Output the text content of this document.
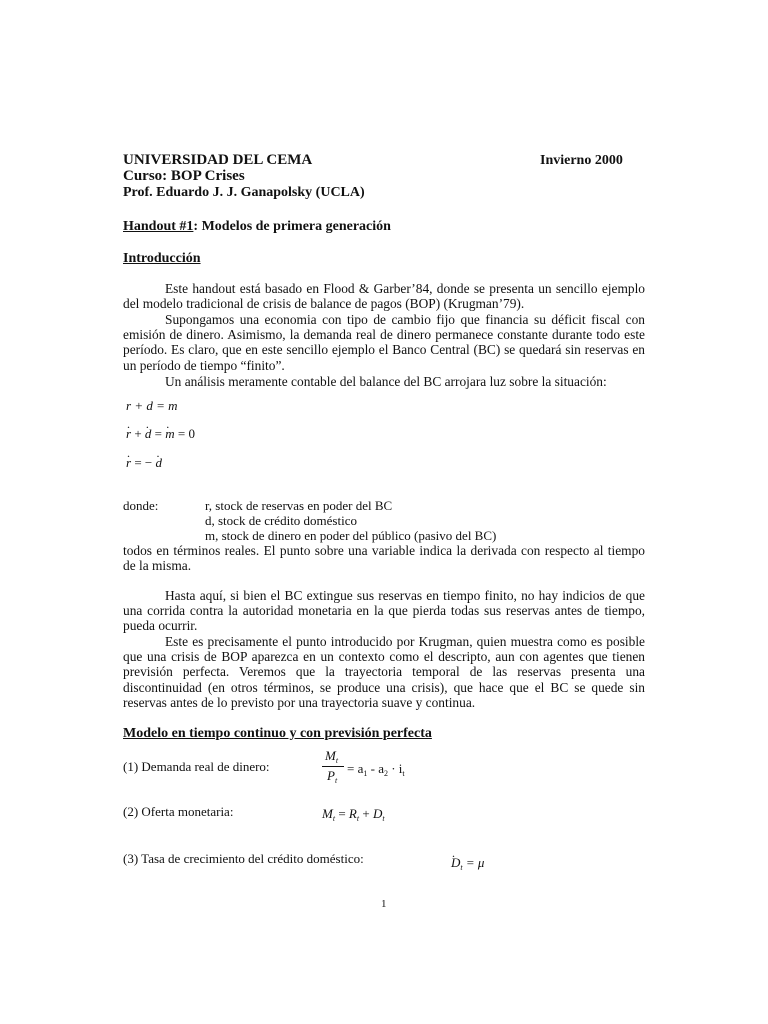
UNIVERSIDAD DEL CEMA	Invierno 2000
Curso: BOP Crises
Prof. Eduardo J. J. Ganapolsky (UCLA)
Handout #1: Modelos de primera generación
Introducción
Este handout está basado en Flood & Garber’84, donde se presenta un sencillo ejemplo del modelo tradicional de crisis de balance de pagos (BOP) (Krugman’79).
Supongamos una economia con tipo de cambio fijo que financia su déficit fiscal con emisión de dinero. Asimismo, la demanda real de dinero permanece constante durante todo este período. Es claro, que en este sencillo ejemplo el Banco Central (BC) se quedará sin reservas en un período de tiempo “finito”.
Un análisis meramente contable del balance del BC arrojara luz sobre la situación:
r + d = m
. r + . d = . m = 0
. r = − . d
donde:	r, stock de reservas en poder del BC
d, stock de crédito doméstico
m, stock de dinero en poder del público (pasivo del BC)
todos en términos reales. El punto sobre una variable indica la derivada con respecto al tiempo de la misma.
Hasta aquí, si bien el BC extingue sus reservas en tiempo finito, no hay indicios de que una corrida contra la autoridad monetaria en la que pierda todas sus reservas antes de tiempo, pueda ocurrir.
Este es precisamente el punto introducido por Krugman, quien muestra como es posible que una crisis de BOP aparezca en un contexto como el descripto, aun con agentes que tienen previsión perfecta. Veremos que la trayectoria temporal de las reservas presenta una discontinuidad (en otros términos, se produce una crisis), que hace que el BC se quede sin reservas antes de lo previsto por una trayectoria suave y continua.
Modelo en tiempo continuo y con previsión perfecta
(1) Demanda real de dinero:
$M_t$
$P_t$
= $a_1 - a_2 \cdot i_t$
(2) Oferta monetaria:	$M_t = R_t + D_t$
(3) Tasa de crecimiento del crédito doméstico:
.	$D_t = \mu$
1
